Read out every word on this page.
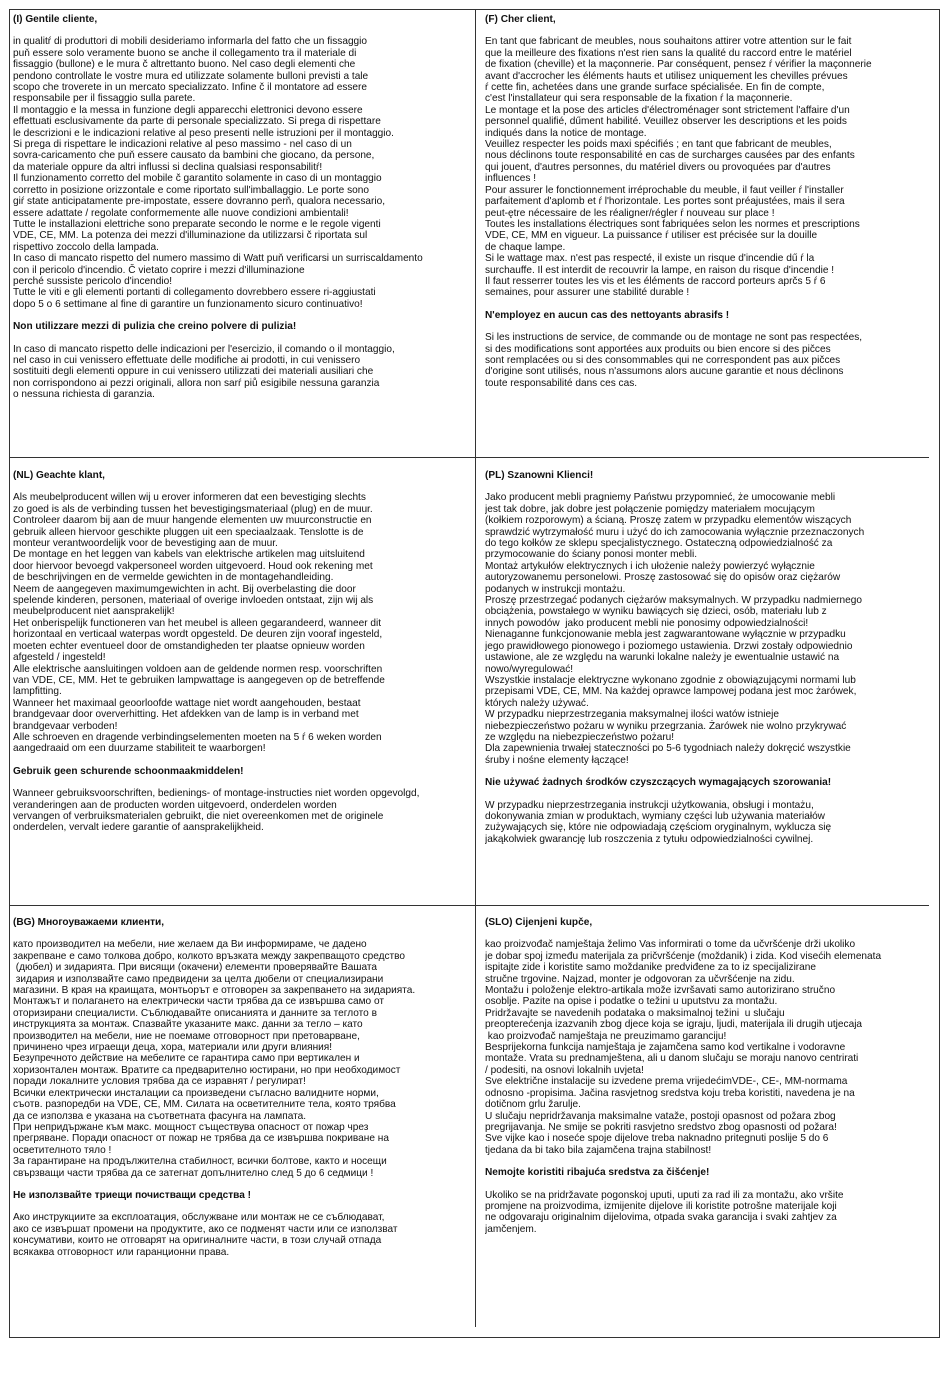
(I) Gentile cliente,
in qualitŕ di produttori di mobili desideriamo informarla del fatto che un fissaggio
puň essere solo veramente buono se anche il collegamento tra il materiale di
fissaggio (bullone) e le mura č altrettanto buono. Nel caso degli elementi che
pendono controllate le vostre mura ed utilizzate solamente bulloni previsti a tale
scopo che troverete in un mercato specializzato. Infine č il montatore ad essere
responsabile per il fissaggio sulla parete.
Il montaggio e la messa in funzione degli apparecchi elettronici devono essere
effettuati esclusivamente da parte di personale specializzato. Si prega di rispettare
le descrizioni e le indicazioni relative al peso presenti nelle istruzioni per il montaggio.
Si prega di rispettare le indicazioni relative al peso massimo - nel caso di un
sovra-caricamento che puň essere causato da bambini che giocano, da persone,
da materiale oppure da altri influssi si declina qualsiasi responsabilitŕ!
Il funzionamento corretto del mobile č garantito solamente in caso di un montaggio
corretto in posizione orizzontale e come riportato sull'imballaggio. Le porte sono
giŕ state anticipatamente pre-impostate, essere dovranno perň, qualora necessario,
essere adattate / regolate conformemente alle nuove condizioni ambientali!
Tutte le installazioni elettriche sono preparate secondo le norme e le regole vigenti
VDE, CE, MM. La potenza dei mezzi d'illuminazione da utilizzarsi č riportata sul
rispettivo zoccolo della lampada.
In caso di mancato rispetto del numero massimo di Watt puň verificarsi un surriscaldamento
con il pericolo d'incendio. Č vietato coprire i mezzi d'illuminazione
perché sussiste pericolo d'incendio!
Tutte le viti e gli elementi portanti di collegamento dovrebbero essere ri-aggiustati
dopo 5 o 6 settimane al fine di garantire un funzionamento sicuro continuativo!
Non utilizzare mezzi di pulizia che creino polvere di pulizia!
In caso di mancato rispetto delle indicazioni per l'esercizio, il comando o il montaggio,
nel caso in cui venissero effettuate delle modifiche ai prodotti, in cui venissero
sostituiti degli elementi oppure in cui venissero utilizzati dei materiali ausiliari che
non corrispondono ai pezzi originali, allora non sarŕ piů esigibile nessuna garanzia
o nessuna richiesta di garanzia.
(F) Cher client,
En tant que fabricant de meubles, nous souhaitons attirer votre attention sur le fait
que la meilleure des fixations n'est rien sans la qualité du raccord entre le matériel
de fixation (cheville) et la maçonnerie. Par conséquent, pensez ŕ vérifier la maçonnerie
avant d'accrocher les éléments hauts et utilisez uniquement les chevilles prévues
ŕ cette fin, achetées dans une grande surface spécialisée. En fin de compte,
c'est l'installateur qui sera responsable de la fixation ŕ la maçonnerie.
Le montage et la pose des articles d'électroménager sont strictement l'affaire d'un
personnel qualifié, dűment habilité. Veuillez observer les descriptions et les poids
indiqués dans la notice de montage.
Veuillez respecter les poids maxi spécifiés ; en tant que fabricant de meubles,
nous déclinons toute responsabilité en cas de surcharges causées par des enfants
qui jouent, d'autres personnes, du matériel divers ou provoquées par d'autres
influences !
Pour assurer le fonctionnement irréprochable du meuble, il faut veiller ŕ l'installer
parfaitement d'aplomb et ŕ l'horizontale. Les portes sont préajustées, mais il sera
peut-ętre nécessaire de les réaligner/régler ŕ nouveau sur place !
Toutes les installations électriques sont fabriquées selon les normes et prescriptions
VDE, CE, MM en vigueur. La puissance ŕ utiliser est précisée sur la douille
de chaque lampe.
Si le wattage max. n'est pas respecté, il existe un risque d'incendie dű ŕ la
surchauffe. Il est interdit de recouvrir la lampe, en raison du risque d'incendie !
Il faut resserrer toutes les vis et les éléments de raccord porteurs aprčs 5 ŕ 6
semaines, pour assurer une stabilité durable !
N'employez en aucun cas des nettoyants abrasifs !
Si les instructions de service, de commande ou de montage ne sont pas respectées,
si des modifications sont apportées aux produits ou bien encore si des pičces
sont remplacées ou si des consommables qui ne correspondent pas aux pičces
d'origine sont utilisés, nous n'assumons alors aucune garantie et nous déclinons
toute responsabilité dans ces cas.
(NL) Geachte klant,
Als meubelproducent willen wij u erover informeren dat een bevestiging slechts
zo goed is als de verbinding tussen het bevestigingsmateriaal (plug) en de muur.
Controleer daarom bij aan de muur hangende elementen uw muurconstructie en
gebruik alleen hiervoor geschikte pluggen uit een speciaalzaak. Tenslotte is de
monteur verantwoordelijk voor de bevestiging aan de muur.
De montage en het leggen van kabels van elektrische artikelen mag uitsluitend
door hiervoor bevoegd vakpersoneel worden uitgevoerd. Houd ook rekening met
de beschrijvingen en de vermelde gewichten in de montagehandleiding.
Neem de aangegeven maximumgewichten in acht. Bij overbelasting die door
spelende kinderen, personen, materiaal of overige invloeden ontstaat, zijn wij als
meubelproducent niet aansprakelijk!
Het onberispelijk functioneren van het meubel is alleen gegarandeerd, wanneer dit
horizontaal en verticaal waterpas wordt opgesteld. De deuren zijn vooraf ingesteld,
moeten echter eventueel door de omstandigheden ter plaatse opnieuw worden
afgesteld / ingesteld!
Alle elektrische aansluitingen voldoen aan de geldende normen resp. voorschriften
van VDE, CE, MM. Het te gebruiken lampwattage is aangegeven op de betreffende
lampfitting.
Wanneer het maximaal geoorloofde wattage niet wordt aangehouden, bestaat
brandgevaar door oververhitting. Het afdekken van de lamp is in verband met
brandgevaar verboden!
Alle schroeven en dragende verbindingselementen moeten na 5 ŕ 6 weken worden
aangedraaid om een duurzame stabiliteit te waarborgen!
Gebruik geen schurende schoonmaakmiddelen!
Wanneer gebruiksvoorschriften, bedienings- of montage-instructies niet worden opgevolgd,
veranderingen aan de producten worden uitgevoerd, onderdelen worden
vervangen of verbruiksmaterialen gebruikt, die niet overeenkomen met de originele
onderdelen, vervalt iedere garantie of aansprakelijkheid.
(PL) Szanowni Klienci!
Jako producent mebli pragniemy Państwu przypomnieć, że umocowanie mebli
jest tak dobre, jak dobre jest połączenie pomiędzy materiałem mocującym
(kołkiem rozporowym) a ścianą. Proszę zatem w przypadku elementów wiszących
sprawdzić wytrzymałość muru i użyć do ich zamocowania wyłącznie przeznaczonych
do tego kołków ze sklepu specjalistycznego. Ostateczną odpowiedzialność za
przymocowanie do ściany ponosi monter mebli.
Montaż artykułów elektrycznych i ich ułożenie należy powierzyć wyłącznie
autoryzowanemu personelowi. Proszę zastosować się do opisów oraz ciężarów
podanych w instrukcji montażu.
Proszę przestrzegać podanych ciężarów maksymalnych. W przypadku nadmiernego
obciążenia, powstałego w wyniku bawiących się dzieci, osób, materiału lub z
innych powodów  jako producent mebli nie ponosimy odpowiedzialności!
Nienaganne funkcjonowanie mebla jest zagwarantowane wyłącznie w przypadku
jego prawidłowego pionowego i poziomego ustawienia. Drzwi zostały odpowiednio
ustawione, ale ze względu na warunki lokalne należy je ewentualnie ustawić na
nowo/wyregulować!
Wszystkie instalacje elektryczne wykonano zgodnie z obowiązującymi normami lub
przepisami VDE, CE, MM. Na każdej oprawce lampowej podana jest moc żarówek,
których należy używać.
W przypadku nieprzestrzegania maksymalnej ilości watów istnieje
niebezpieczeństwo pożaru w wyniku przegrzania. Żarówek nie wolno przykrywać
ze względu na niebezpieczeństwo pożaru!
Dla zapewnienia trwałej stateczności po 5-6 tygodniach należy dokręcić wszystkie
śruby i nośne elementy łączące!
Nie używać żadnych środków czyszczących wymagających szorowania!
W przypadku nieprzestrzegania instrukcji użytkowania, obsługi i montażu,
dokonywania zmian w produktach, wymiany części lub używania materiałów
zużywających się, które nie odpowiadają częściom oryginalnym, wyklucza się
jakąkolwiek gwarancję lub roszczenia z tytułu odpowiedzialności cywilnej.
(BG) Многоуважаеми клиенти,
като производител на мебели, ние желаем да Ви информираме, че дадено
закрепване е само толкова добро, колкото връзката между закрепващото средство
(дюбел) и зидарията. При висящи (окачени) елементи проверявайте Вашата
зидария и използвайте само предвидени за целта дюбели от специализирани
магазини. В края на краищата, монтьорът е отговорен за закрепването на зидарията.
Монтажът и полагането на електрически части трябва да се извършва само от
оторизирани специалисти. Съблюдавайте описанията и данните за теглото в
инструкцията за монтаж. Спазвайте указаните макс. данни за тегло – като
производител на мебели, ние не поемаме отговорност при претоварване,
причинено чрез играещи деца, хора, материали или други влияния!
Безупречното действие на мебелите се гарантира само при вертикален и
хоризонтален монтаж. Вратите са предварително юстирани, но при необходимост
поради локалните условия трябва да се изравнят / регулират!
Всички електрически инсталации са произведени съгласно валидните норми,
съотв. разпоредби на VDE, CE, MM. Силата на осветителните тела, която трябва
да се използва е указана на съответната фасунга на лампата.
При непридържане към макс. мощност съществува опасност от пожар чрез
прегряване. Поради опасност от пожар не трябва да се извършва покриване на
осветителното тяло !
За гарантиране на продължителна стабилност, всички болтове, както и носещи
свързващи части трябва да се затегнат допълнително след 5 до 6 седмици !
Не използвайте триещи почистващи средства !
Ако инструкциите за експлоатация, обслужване или монтаж не се съблюдават,
ако се извършат промени на продуктите, ако се подменят части или се използват
консумативи, които не отговарят на оригиналните части, в този случай отпада
всякаква отговорност или гаранционни права.
(SLO) Cijenjeni kupče,
kao proizvođač namještaja želimo Vas informirati o tome da učvršćenje drži ukoliko
je dobar spoj između materijala za pričvršćenje (moždanik) i zida. Kod visećih elemenata
ispitajte zide i koristite samo moždanike predviđene za to iz specijalizirane
stručne trgovine. Najzad, monter je odgovoran za učvršćenje na zidu.
Montažu i položenje elektro-artikala može izvršavati samo autorizirano stručno
osoblje. Pazite na opise i podatke o težini u uputstvu za montažu.
Pridržavajte se navedenih podataka o maksimalnoj težini  u slučaju
preopterećenja izazvanih zbog djece koja se igraju, ljudi, materijala ili drugih utjecaja
kao proizvođač namještaja ne preuzimamo garanciju!
Besprijekorna funkcija namještaja je zajamčena samo kod vertikalne i vodoravne
montaže. Vrata su prednamještena, ali u danom slučaju se moraju nanovo centrirati
/ podesiti, na osnovi lokalnih uvjeta!
Sve električne instalacije su izvedene prema vrijedećimVDE-, CE-, MM-normama
odnosno -propisima. Jačina rasvjetnog sredstva koju treba koristiti, navedena je na
dotičnom grlu žarulje.
U slučaju nepridržavanja maksimalne vataže, postoji opasnost od požara zbog
pregrijavanja. Ne smije se pokriti rasvjetno sredstvo zbog opasnosti od požara!
Sve vijke kao i noseće spoje dijelove treba naknadno pritegnuti poslije 5 do 6
tjedana da bi tako bila zajamčena trajna stabilnost!
Nemojte koristiti ribajuća sredstva za čišćenje!
Ukoliko se na pridržavate pogonskoj uputi, uputi za rad ili za montažu, ako vršite
promjene na proizvodima, izmijenite dijelove ili koristite potrošne materijale koji
ne odgovaraju originalnim dijelovima, otpada svaka garancija i svaki zahtjev za
jamčenjem.
